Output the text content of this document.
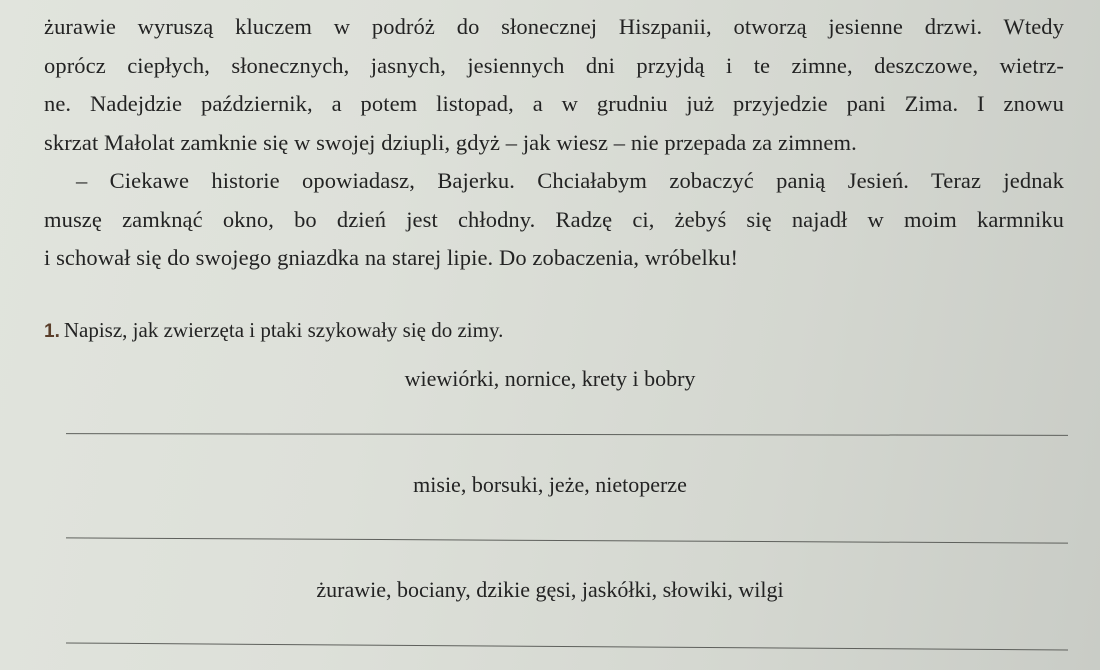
żurawie wyruszą kluczem w podróż do słonecznej Hiszpanii, otworzą jesienne drzwi. Wtedy
oprócz ciepłych, słonecznych, jasnych, jesiennych dni przyjdą i te zimne, deszczowe, wietrz-
ne. Nadejdzie październik, a potem listopad, a w grudniu już przyjedzie pani Zima. I znowu
skrzat Małolat zamknie się w swojej dziupli, gdyż – jak wiesz – nie przepada za zimnem.
– Ciekawe historie opowiadasz, Bajerku. Chciałabym zobaczyć panią Jesień. Teraz jednak
muszę zamknąć okno, bo dzień jest chłodny. Radzę ci, żebyś się najadł w moim karmniku
i schował się do swojego gniazdka na starej lipie. Do zobaczenia, wróbelku!
1. Napisz, jak zwierzęta i ptaki szykowały się do zimy.
wiewiórki, nornice, krety i bobry
misie, borsuki, jeże, nietoperze
żurawie, bociany, dzikie gęsi, jaskółki, słowiki, wilgi
